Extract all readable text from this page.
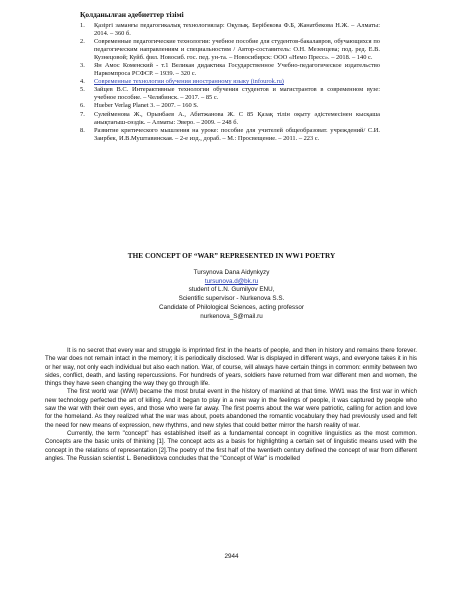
Қолданылған әдебиеттер тізімі
1. Қазіргі заманғы педагогикалық технологиялар: Оқулық. Берібекова Ф.Б, Жанатбекова Н.Ж. – Алматы: 2014. – 360 б.
2. Современные педагогические технологии: учебное пособие для студентов-бакалавров, обучающихся по педагогическим направлениям и специальностям / Автор-составитель: О.Н. Мезенцева; под. ред. Е.В. Кузнецовой; Куйб. фил. Новосиб. гос. пед. ун-та. – Новосибирск: ООО «Немо Пресс». – 2018. – 140 с.
3. Ян Амос Коменский - т.1 Великая дидактика Государственное Учебно-педагогическое издательство Наркомпроса РСФСР. – 1939. – 320 с.
4. Современные технологии обучения иностранному языку (infourok.ru)
5. Зайцев В.С. Интерактивные технологии обучения студентов и магистрантов в современном вузе: учебное пособие. – Челябинск. – 2017. – 85 с.
6. Hueber Verlag Planet 3. – 2007. – 160 S.
7. Сулейменова Ж., Орынбаев А., Абитжанова Ж. С 85 Қазақ тілін оқыту әдістемесінен кысқаша анықтағыш-сөздік. – Алматы: Эверо. – 2009. – 248 б.
8. Развитие критического мышления на уроке: пособие для учителей общеобразоват. учреждений/ С.И. Заирбек, И.В.Муштавинская. – 2-е изд., дораб. – М.: Просвещение. – 2011. – 223 с.
THE CONCEPT OF “WAR” REPRESENTED IN WW1 POETRY
Tursynova Dana Aidynkyzy
tursunova.d@bk.ru
student of L.N. Gumilyov ENU,
Scientific supervisor - Nurkenova S.S.
Candidate of Philological Sciences, acting professor
nurkenova_S@mail.ru

It is no secret that every war and struggle is imprinted first in the hearts of people, and then in history and remains there forever. The war does not remain intact in the memory; it is periodically disclosed. War is displayed in different ways, and everyone takes it in his or her way, not only each individual but also each nation. War, of course, will always have certain things in common: enmity between two sides, conflict, death, and lasting repercussions. For hundreds of years, soldiers have returned from war different men and women, the things they have seen changing the way they go through life.

The first world war (WWI) became the most brutal event in the history of mankind at that time. WW1 was the first war in which new technology perfected the art of killing. And it began to play in a new way in the feelings of people, it was captured by people who saw the war with their own eyes, and those who were far away. The first poems about the war were patriotic, calling for action and love for the homeland. As they realized what the war was about, poets abandoned the romantic vocabulary they had previously used and felt the need for new means of expression, new rhythms, and new styles that could better mirror the harsh reality of war.

Currently, the term "concept" has established itself as a fundamental concept in cognitive linguistics as the most common. Concepts are the basic units of thinking [1]. The concept acts as a basis for highlighting a certain set of linguistic means used with the concept in the relations of representation [2].The poetry of the first half of the twentieth century defined the concept of war from different angles. The Russian scientist L. Benediktova concludes that the "Concept of War" is modelled

2944
